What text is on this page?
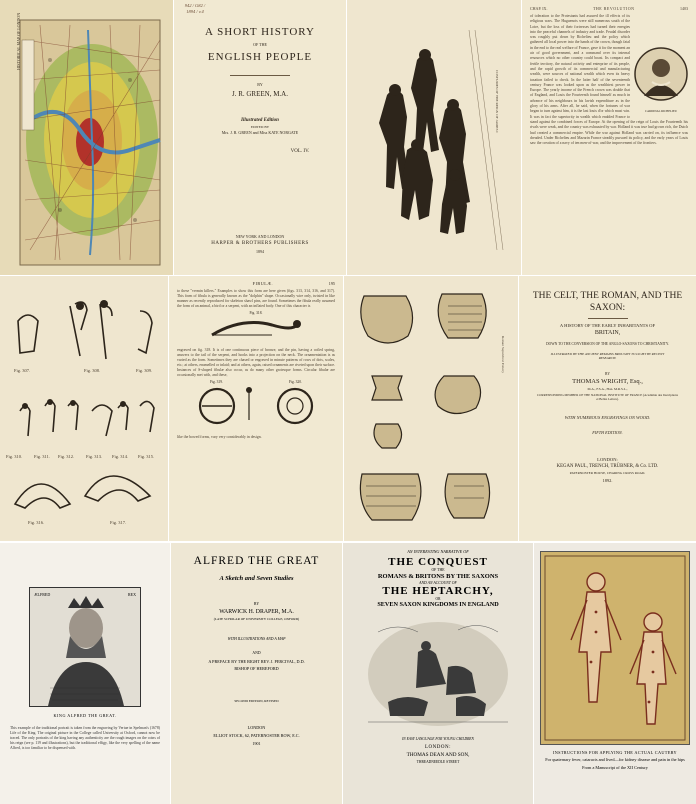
HISTORICAL MAP OF LONDON
942 / G82 / 1894 / v.4
A SHORT HISTORY
OF THE
ENGLISH PEOPLE
BY
J. R. GREEN, M.A.
Illustrated Edition
EDITED BY
Mrs. J. R. GREEN and Miss KATE NORGATE
VOL. IV.
NEW YORK AND LONDON
HARPER & BROTHERS PUBLISHERS
1894
COSTUMES OF THE REIGN OF JAMES I
CHAP. IX.	THE REVOLUTION	1403
CARDINAL RICHELIEU
of toleration to the Protestants had assured the ill effects of its religious wars. The Huguenots were still numerous south of the Loire, but the loss of their fortresses had turned their energies into the peaceful channels of industry and trade. Feudal disorder was roughly put down by Richelieu and the policy which gathered all local power into the hands of the crown, though fatal in the end to the real welfare of France, gave it for the moment an air of good government, and a command over its internal resources which no other country could boast. Its compact and fertile territory, the natural activity and enterprise of its people, and the rapid growth of its commercial and manufacturing wealth, were sources of national wealth which even its heavy taxation failed to check. In the latter half of the seventeenth century France was looked upon as the wealthiest power in Europe. The yearly income of the French crown was double that of England, and Louis the Fourteenth found himself as much in advance of his neighbours in his lavish expenditure as in the glory of his arms. After all, he said, when the fortunes of war began to turn against him, it is the last louis d'or which must win. It was in fact the superiority in wealth which enabled France to stand against the combined forces of Europe. At the opening of the reign of Louis the Fourteenth his rivals were weak, and the country was exhausted by war. Holland it was true had grown rich, the Dutch had created a commercial empire. While the war against Holland was carried on, its influence was dreaded. Under Richelieu and Mazarin France steadily pursued its policy, and the early years of Louis saw the creation of a navy of ten men-of-war, and the improvement of the frontiers.
Fig. 307.	Fig. 308.	Fig. 309.
Fig. 310.	Fig. 311. Fig. 312.	Fig. 313. Fig. 314. Fig. 315.
Fig. 316.	Fig. 317.
FIBULÆ.	195
to these "vermin killers." Examples to show this form are here given (figs. 313, 314, 316, and 317). This form of fibula is generally known as the "dolphin" shape. Occasionally wire only, twisted in like manner as recently reproduced for skeleton shawl pins, are found. Sometimes the fibula really assumed the form of an animal, a bird or a serpent, with an inflated body. One of this character is
Fig. 318.
engraved on fig. 318. It is of one continuous piece of bronze, and the pin, having a coiled spring, answers to the tail of the serpent, and hooks into a projection on the neck. The ornamentation is as varied as the form. Sometimes they are chased or engraved in minute patterns of rows of dots, scales, etc.; at others, enamelled or inlaid; and at others, again, raised ornaments are riveted upon their surface. Instances of S-shaped fibulæ also occur, as do many other grotesque forms. Circular fibulæ are occasionally met with, and these,
Fig. 319.	Fig. 320.
like the bowed forms, vary very considerably in design.
Roman Sepulchral Pottery
THE CELT, THE ROMAN, AND THE SAXON:
A HISTORY OF THE EARLY INHABITANTS OF
BRITAIN,
DOWN TO THE CONVERSION OF THE ANGLO-SAXONS TO CHRISTIANITY.
ILLUSTRATED BY THE ANCIENT REMAINS BROUGHT TO LIGHT BY RECENT RESEARCH.
BY
THOMAS WRIGHT, Esq.,
M.A., F.S.A., Hon. M.R.S.L.,
CORRESPONDING MEMBER OF THE NATIONAL INSTITUTE OF FRANCE (Académie des Inscriptions et Belles Lettres).
WITH NUMEROUS ENGRAVINGS ON WOOD.
FIFTH EDITION.
LONDON:
KEGAN PAUL, TRENCH, TRÜBNER, & Co. LTD.
PATERNOSTER HOUSE, CHARING CROSS ROAD.
1892.
ÆLFRED	REX
KING ALFRED THE GREAT.
This example of the traditional portrait is taken from the engraving by Vertue in Spelman's (1678) Life of the King. The original picture in the College called University at Oxford, cannot now be traced. The only portraits of the king having any authenticity are the rough images on the coins of his reign (see p. 119 and illustrations), but the traditional effigy, like the very spelling of the name Alfred, is too familiar to be dispensed with.
ALFRED THE GREAT
A Sketch and Seven Studies
BY
WARWICK H. DRAPER, M.A.
(LATE SCHOLAR OF UNIVERSITY COLLEGE, OXFORD)
WITH ILLUSTRATIONS AND A MAP
AND
A PREFACE BY THE RIGHT REV. J. PERCIVAL, D.D.
BISHOP OF HEREFORD
SECOND EDITION, REVISED
LONDON
ELLIOT STOCK, 62, PATERNOSTER ROW, E.C.
1901
AN INTERESTING NARRATIVE OF
THE CONQUEST
OF THE
ROMANS & BRITONS BY THE SAXONS
AND AN ACCOUNT OF
THE HEPTARCHY,
OR
SEVEN SAXON KINGDOMS IN ENGLAND
IN EASY LANGUAGE FOR YOUNG CHILDREN
LONDON:
THOMAS DEAN AND SON,
THREADNEEDLE STREET
INSTRUCTIONS FOR APPLYING THE ACTUAL CAUTERY
For quaternary fever, cataracts and lived—for kidney disease and pain in the hips
From a Manuscript of the XII Century
